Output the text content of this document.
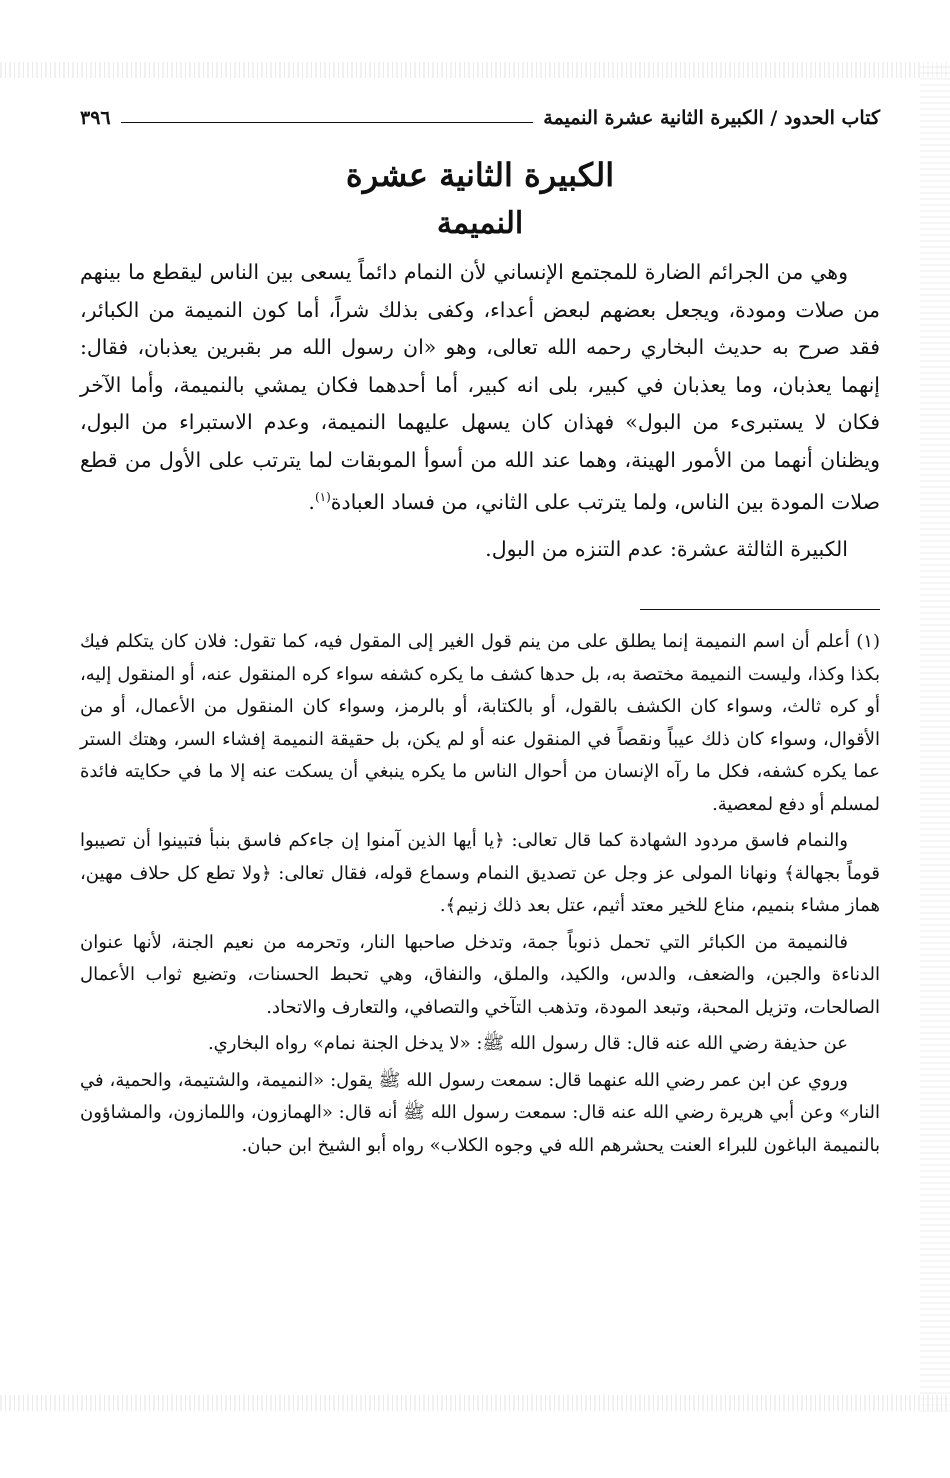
كتاب الحدود / الكبيرة الثانية عشرة النميمة
٣٩٦
الكبيرة الثانية عشرة
النميمة

وهي من الجرائم الضارة للمجتمع الإنساني لأن النمام دائماً يسعى بين الناس ليقطع ما بينهم من صلات ومودة، ويجعل بعضهم لبعض أعداء، وكفى بذلك شراً، أما كون النميمة من الكبائر، فقد صرح به حديث البخاري رحمه الله تعالى، وهو «ان رسول الله مر بقبرين يعذبان، فقال: إنهما يعذبان، وما يعذبان في كبير، بلى انه كبير، أما أحدهما فكان يمشي بالنميمة، وأما الآخر فكان لا يستبرىء من البول» فهذان كان يسهل عليهما النميمة، وعدم الاستبراء من البول، ويظنان أنهما من الأمور الهينة، وهما عند الله من أسوأ الموبقات لما يترتب على الأول من قطع صلات المودة بين الناس، ولما يترتب على الثاني، من فساد العبادة$^{(١)}$.

الكبيرة الثالثة عشرة: عدم التنزه من البول.

(١) أعلم أن اسم النميمة إنما يطلق على من ينم قول الغير إلى المقول فيه، كما تقول: فلان كان يتكلم فيك بكذا وكذا، وليست النميمة مختصة به، بل حدها كشف ما يكره كشفه سواء كره المنقول عنه، أو المنقول إليه، أو كره ثالث، وسواء كان الكشف بالقول، أو بالكتابة، أو بالرمز، وسواء كان المنقول من الأعمال، أو من الأقوال، وسواء كان ذلك عيباً ونقصاً في المنقول عنه أو لم يكن، بل حقيقة النميمة إفشاء السر، وهتك الستر عما يكره كشفه، فكل ما رآه الإنسان من أحوال الناس ما يكره ينبغي أن يسكت عنه إلا ما في حكايته فائدة لمسلم أو دفع لمعصية.

والنمام فاسق مردود الشهادة كما قال تعالى: ﴿يا أيها الذين آمنوا إن جاءكم فاسق بنبأ فتبينوا أن تصيبوا قوماً بجهالة﴾ ونهانا المولى عز وجل عن تصديق النمام وسماع قوله، فقال تعالى: ﴿ولا تطع كل حلاف مهين، هماز مشاء بنميم، مناع للخير معتد أثيم، عتل بعد ذلك زنيم﴾.

فالنميمة من الكبائر التي تحمل ذنوباً جمة، وتدخل صاحبها النار، وتحرمه من نعيم الجنة، لأنها عنوان الدناءة والجبن، والضعف، والدس، والكيد، والملق، والنفاق، وهي تحبط الحسنات، وتضيع ثواب الأعمال الصالحات، وتزيل المحبة، وتبعد المودة، وتذهب التآخي والتصافي، والتعارف والاتحاد.

عن حذيفة رضي الله عنه قال: قال رسول الله ﷺ: «لا يدخل الجنة نمام» رواه البخاري.

وروي عن ابن عمر رضي الله عنهما قال: سمعت رسول الله ﷺ يقول: «النميمة، والشتيمة، والحمية، في النار» وعن أبي هريرة رضي الله عنه قال: سمعت رسول الله ﷺ أنه قال: «الهمازون، واللمازون، والمشاؤون بالنميمة الباغون للبراء العنت يحشرهم الله في وجوه الكلاب» رواه أبو الشيخ ابن حبان.
